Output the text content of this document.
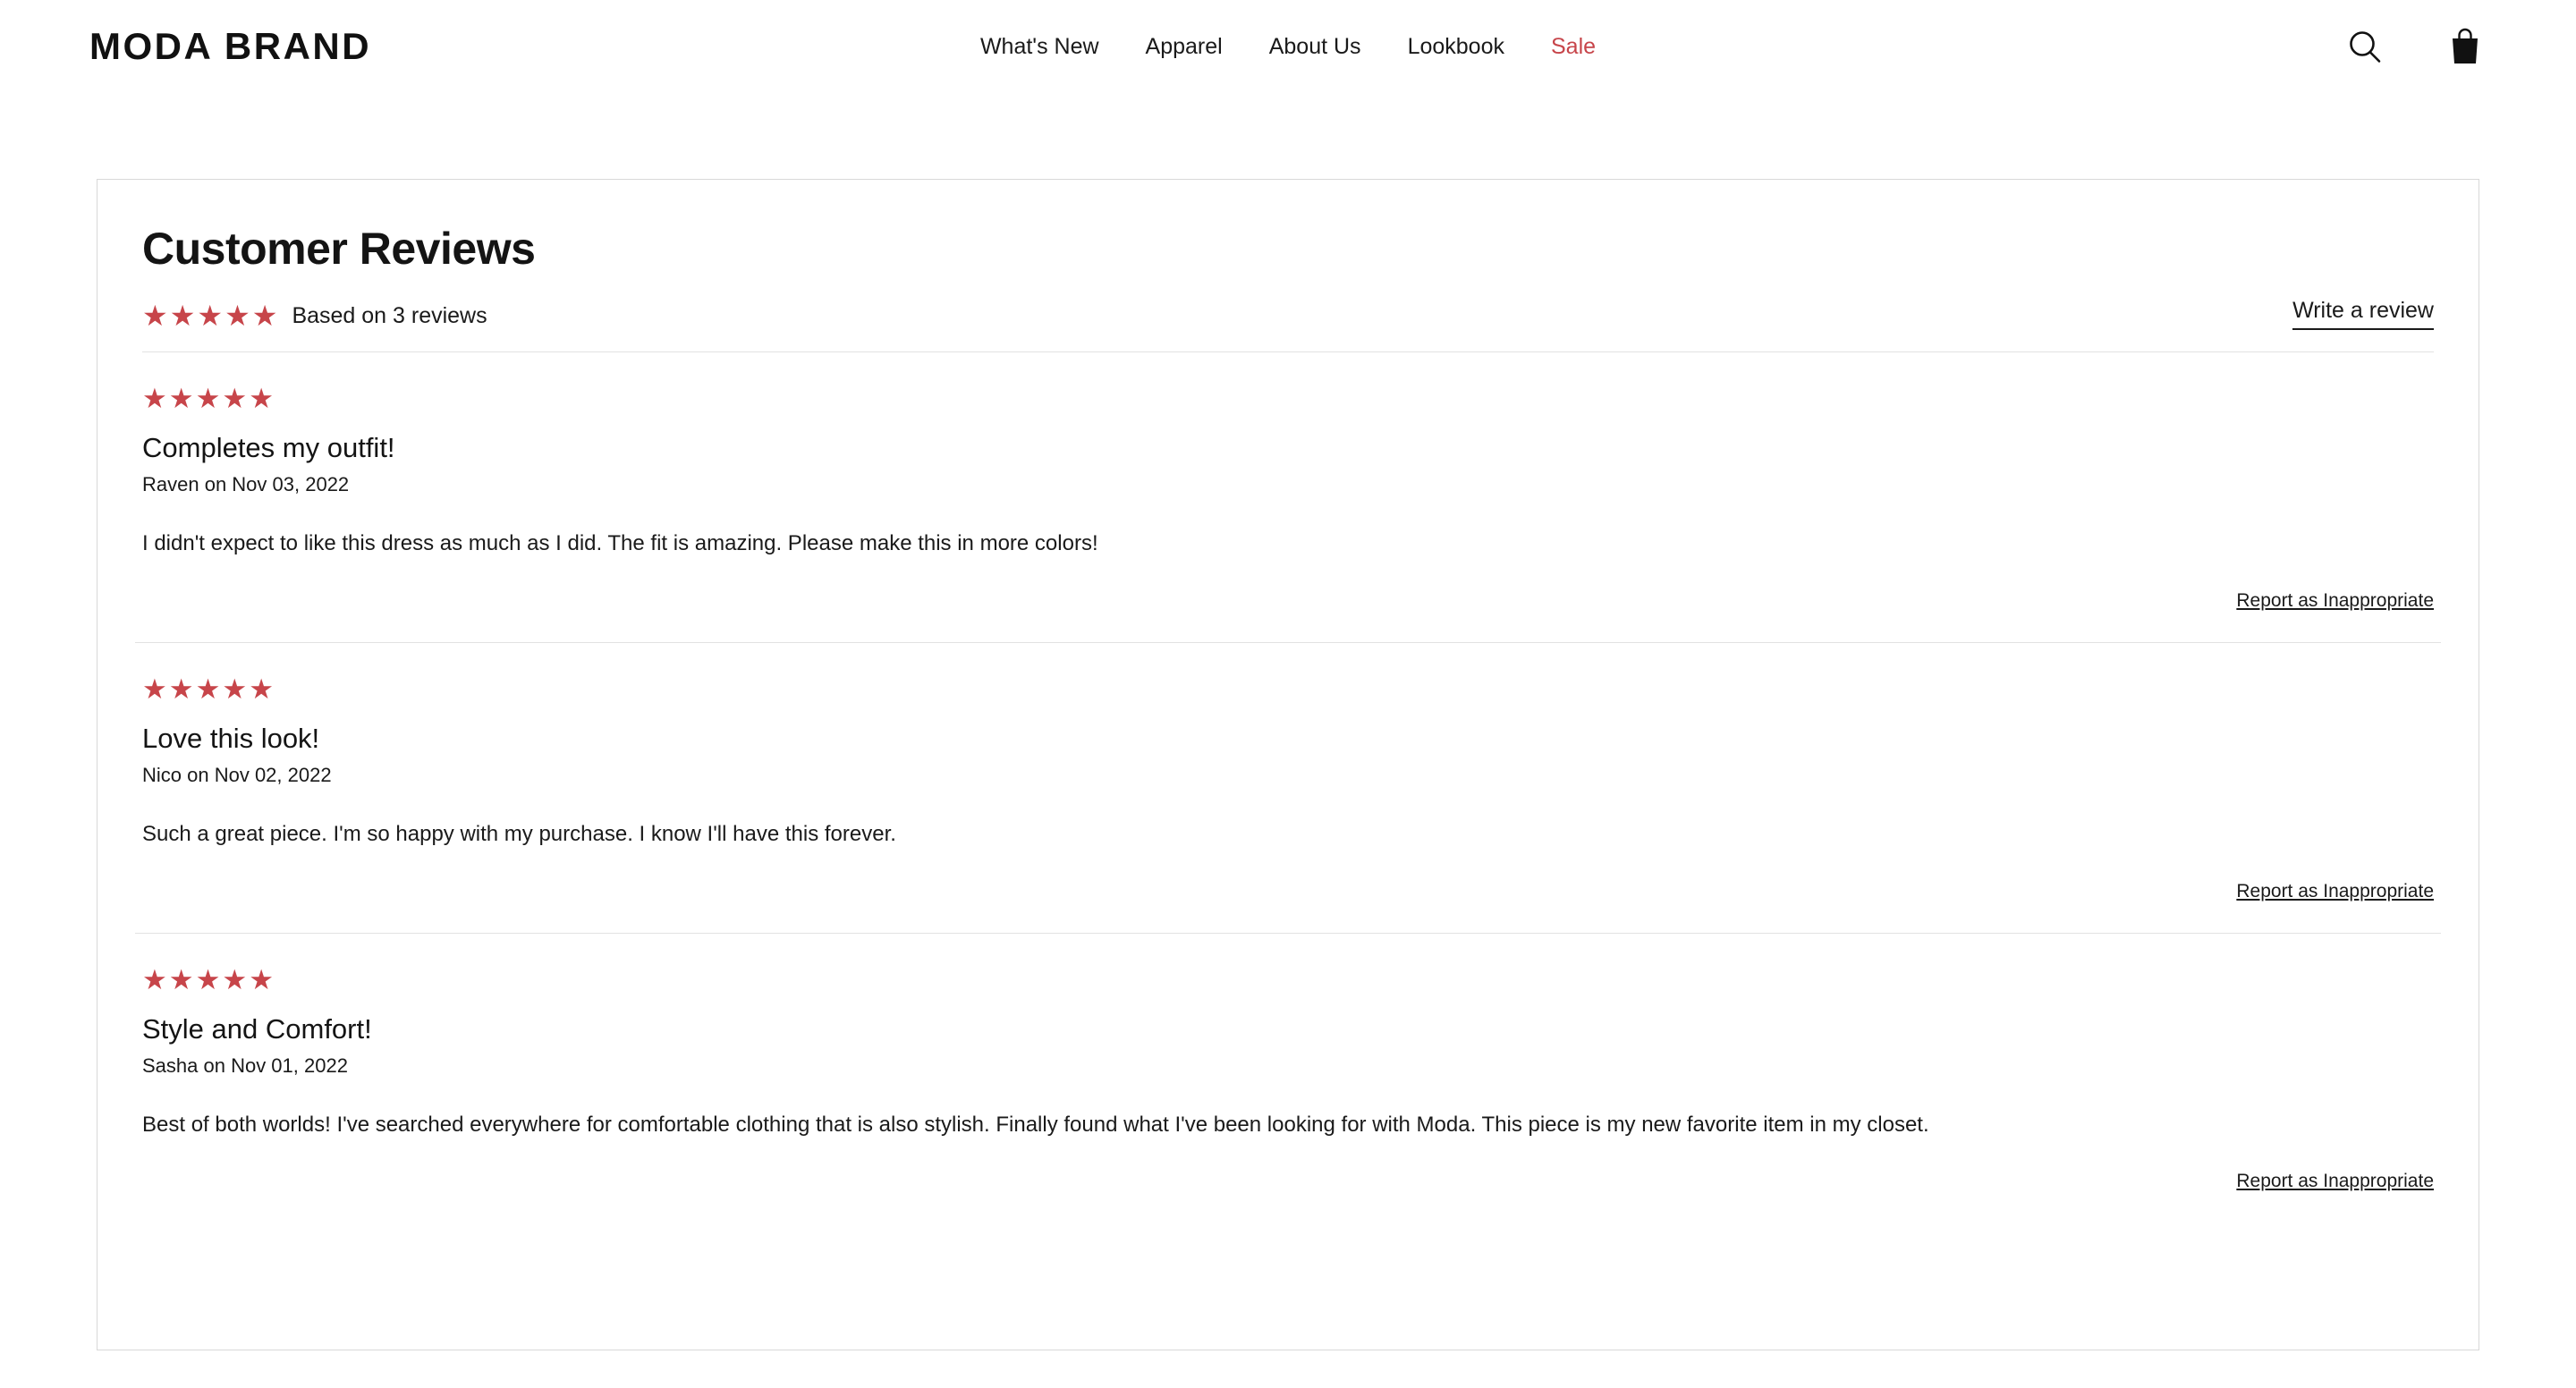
MODA BRAND	What's New Apparel About Us Lookbook Sale
Customer Reviews
★ ★ ★ ★ ★ Based on 3 reviews	Write a review
★ ★ ★ ★ ★
Completes my outfit!
Raven on Nov 03, 2022

I didn't expect to like this dress as much as I did. The fit is amazing. Please make this in more colors!

Report as Inappropriate
★ ★ ★ ★ ★
Love this look!
Nico on Nov 02, 2022

Such a great piece. I'm so happy with my purchase. I know I'll have this forever.

Report as Inappropriate
★ ★ ★ ★ ★
Style and Comfort!
Sasha on Nov 01, 2022

Best of both worlds! I've searched everywhere for comfortable clothing that is also stylish. Finally found what I've been looking for with Moda. This piece is my new favorite item in my closet.

Report as Inappropriate
